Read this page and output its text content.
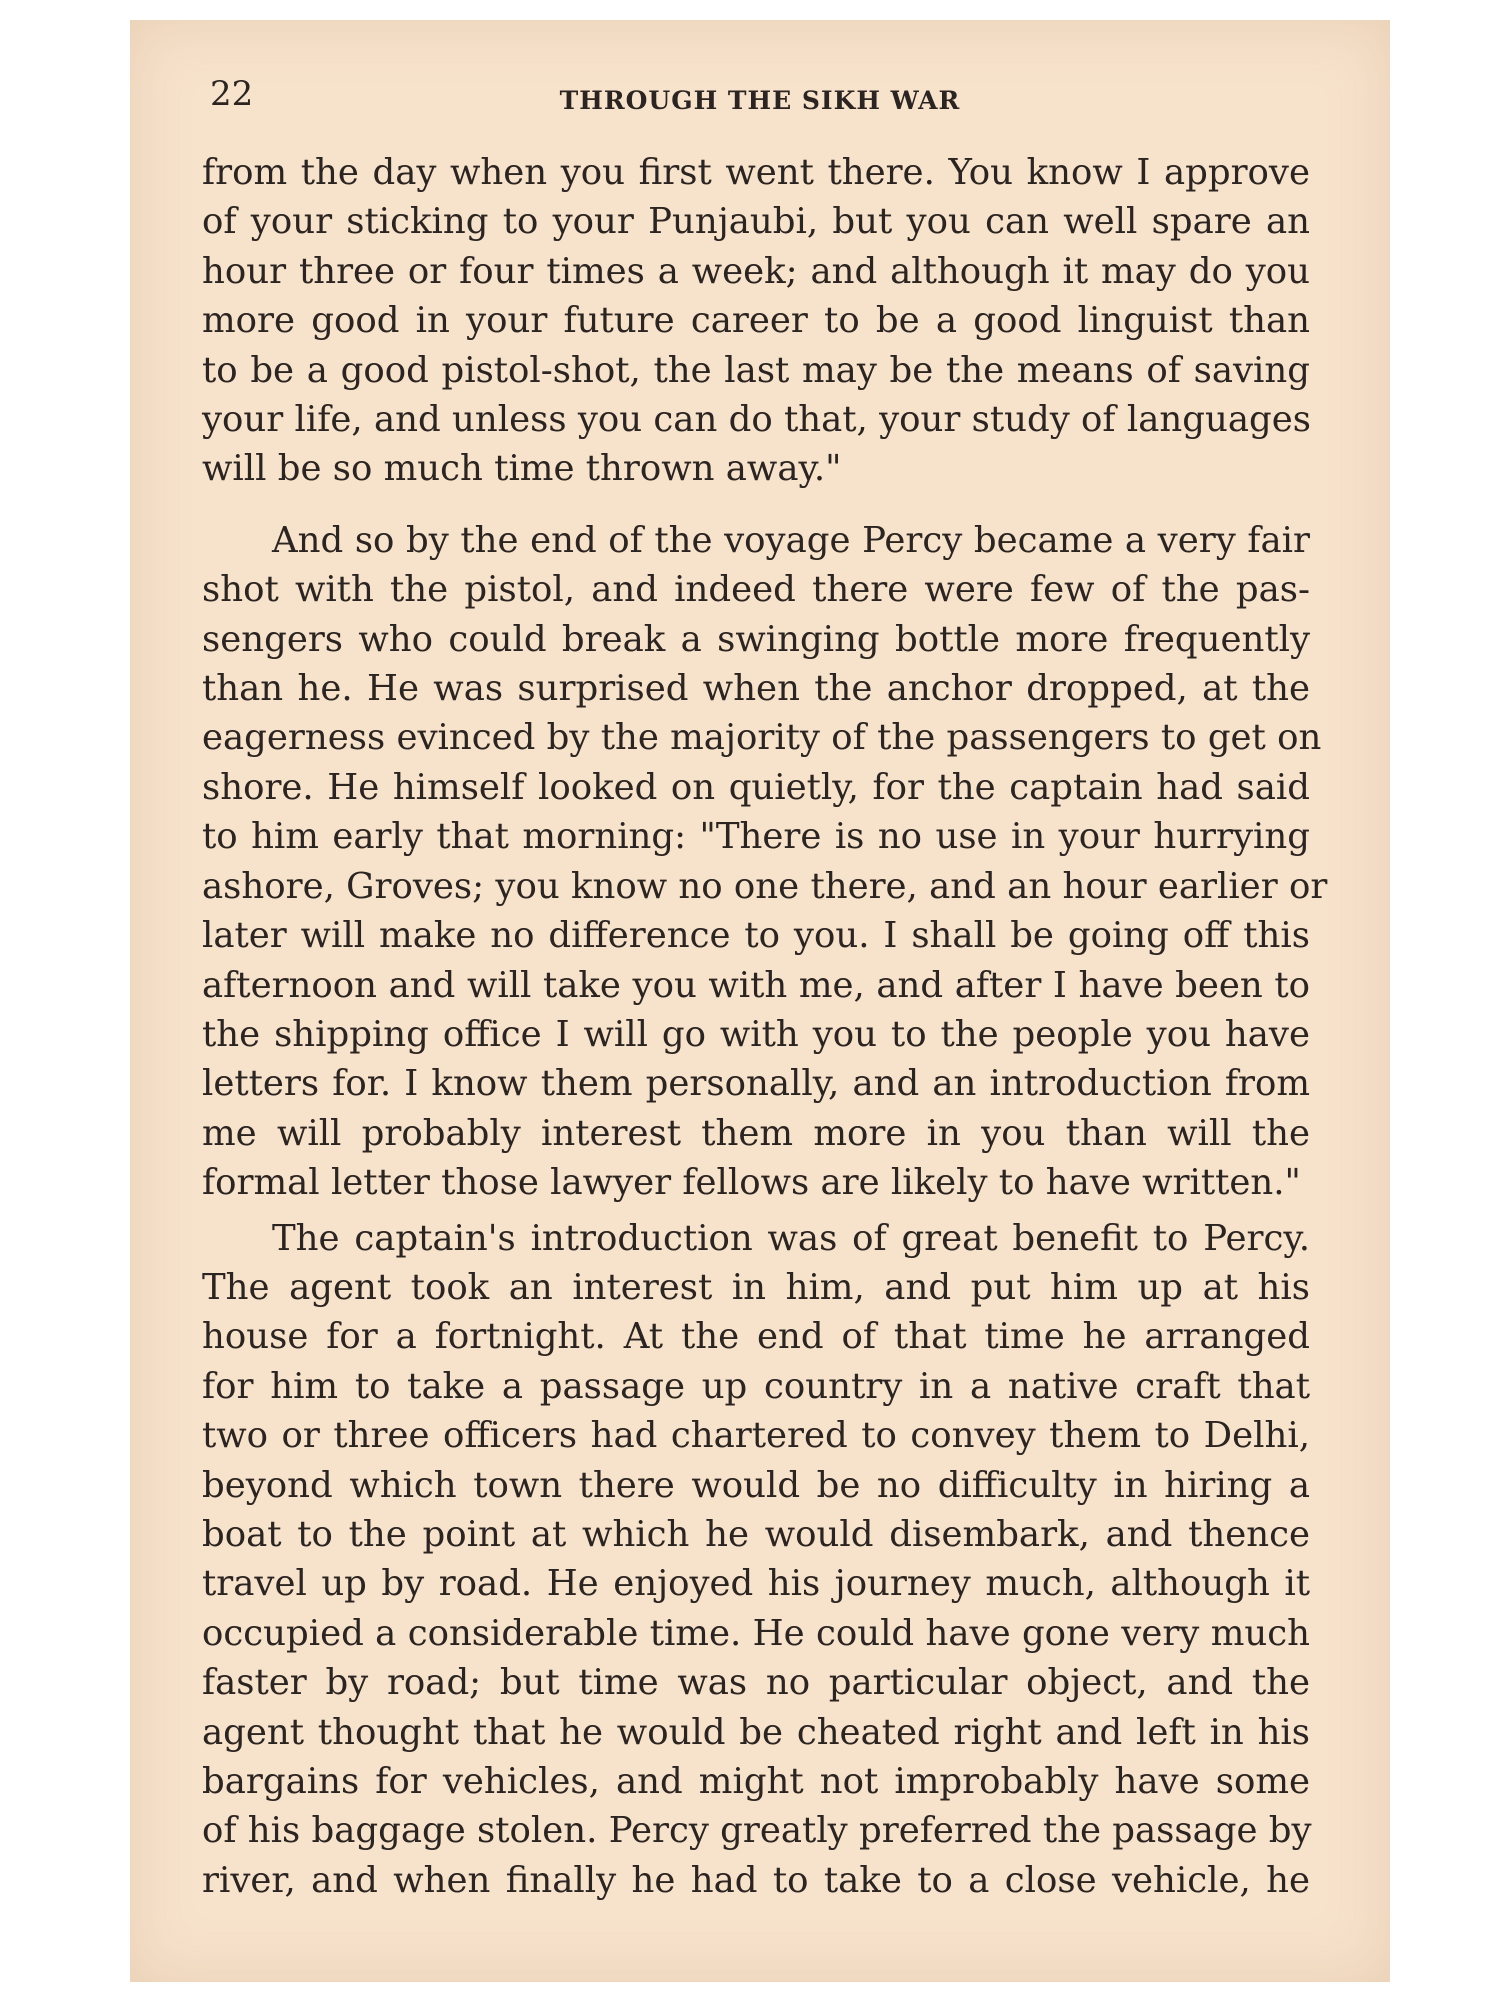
22	THROUGH THE SIKH WAR

from the day when you first went there. You know I approve
of your sticking to your Punjaubi, but you can well spare an
hour three or four times a week; and although it may do you
more good in your future career to be a good linguist than
to be a good pistol-shot, the last may be the means of saving
your life, and unless you can do that, your study of languages
will be so much time thrown away."

And so by the end of the voyage Percy became a very fair
shot with the pistol, and indeed there were few of the pas-
sengers who could break a swinging bottle more frequently
than he. He was surprised when the anchor dropped, at the
eagerness evinced by the majority of the passengers to get on
shore. He himself looked on quietly, for the captain had said
to him early that morning: "There is no use in your hurrying
ashore, Groves; you know no one there, and an hour earlier or
later will make no difference to you. I shall be going off this
afternoon and will take you with me, and after I have been to
the shipping office I will go with you to the people you have
letters for. I know them personally, and an introduction from
me will probably interest them more in you than will the
formal letter those lawyer fellows are likely to have written."

The captain's introduction was of great benefit to Percy.
The agent took an interest in him, and put him up at his
house for a fortnight. At the end of that time he arranged
for him to take a passage up country in a native craft that
two or three officers had chartered to convey them to Delhi,
beyond which town there would be no difficulty in hiring a
boat to the point at which he would disembark, and thence
travel up by road. He enjoyed his journey much, although it
occupied a considerable time. He could have gone very much
faster by road; but time was no particular object, and the
agent thought that he would be cheated right and left in his
bargains for vehicles, and might not improbably have some
of his baggage stolen. Percy greatly preferred the passage by
river, and when finally he had to take to a close vehicle, he
